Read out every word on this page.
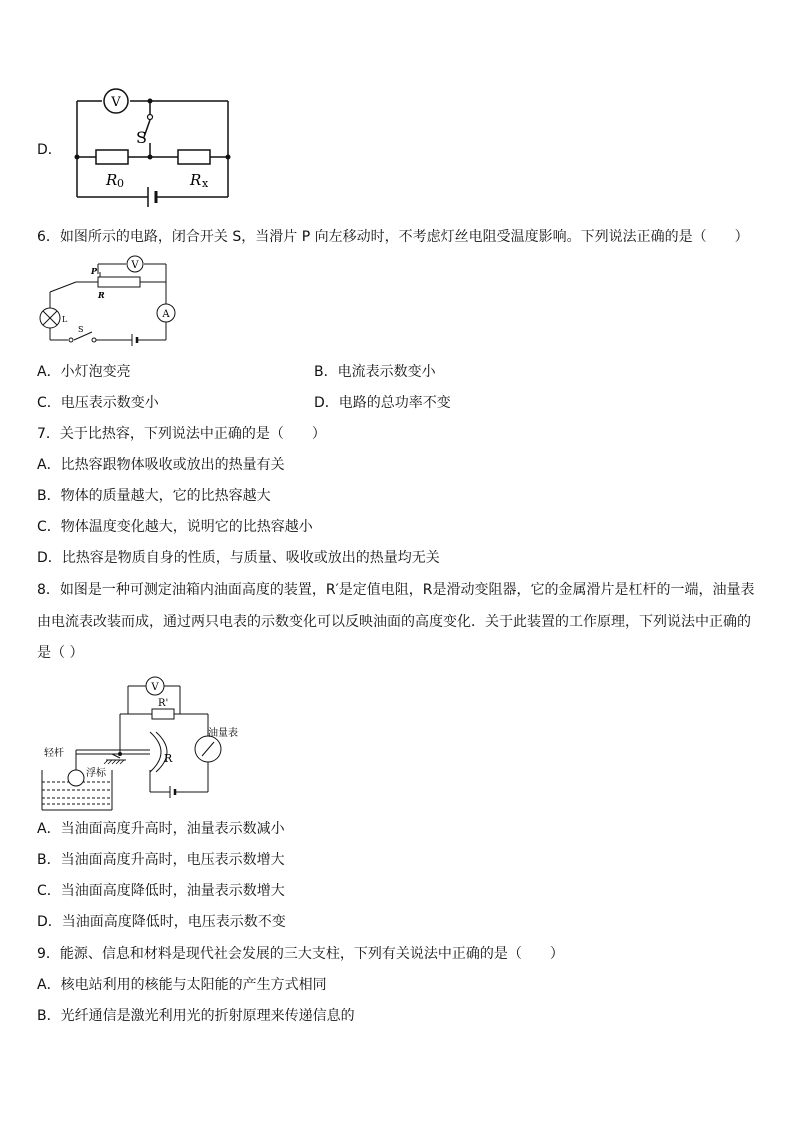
D．
V
S
R 0	R x
6．如图所示的电路，闭合开关 S，当滑片 P 向左移动时，不考虑灯丝电阻受温度影响。下列说法正确的是（　　）
V
A
P
R
L
S
A．小灯泡变亮	B．电流表示数变小
C．电压表示数变小	D．电路的总功率不变
7．关于比热容，下列说法中正确的是（　　）
A．比热容跟物体吸收或放出的热量有关
B．物体的质量越大，它的比热容越大
C．物体温度变化越大，说明它的比热容越小
D．比热容是物质自身的性质，与质量、吸收或放出的热量均无关
8．如图是一种可测定油箱内油面高度的装置，R′是定值电阻，R是滑动变阻器，它的金属滑片是杠杆的一端，油量表
由电流表改装而成，通过两只电表的示数变化可以反映油面的高度变化．关于此装置的工作原理，下列说法中正确的
是（ ）
V
R'
R
轻杆
浮标
油量表
A．当油面高度升高时，油量表示数减小
B．当油面高度升高时，电压表示数增大
C．当油面高度降低时，油量表示数增大
D．当油面高度降低时，电压表示数不变
9．能源、信息和材料是现代社会发展的三大支柱，下列有关说法中正确的是（　　）
A．核电站利用的核能与太阳能的产生方式相同
B．光纤通信是激光利用光的折射原理来传递信息的
